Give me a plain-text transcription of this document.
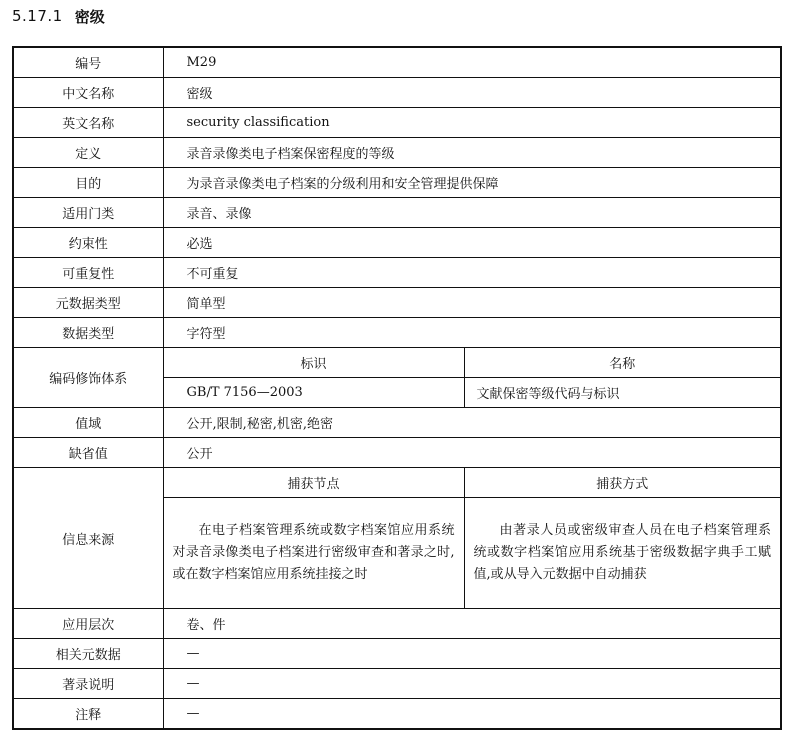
5.17.1 密级
编号	M29	
中文名称	密级	
英文名称	security classification	
定义	录音录像类电子档案保密程度的等级	
目的	为录音录像类电子档案的分级利用和安全管理提供保障	
适用门类	录音、录像	
约束性	必选	
可重复性	不可重复	
元数据类型	简单型	
数据类型	字符型	
编码修饰体系	标识	名称
	GB/T 7156—2003	文献保密等级代码与标识
值域	公开,限制,秘密,机密,绝密	
缺省值	公开	
信息来源	捕获节点	捕获方式

	在电子档案管理系统或数字档案馆应用系统对录音录像类电子档案进行密级审查和著录之时,或在数字档案馆应用系统挂接之时	由著录人员或密级审查人员在电子档案管理系统或数字档案馆应用系统基于密级数据字典手工赋值,或从导入元数据中自动捕获

应用层次	卷、件	
相关元数据	—	
著录说明	—	
注释	—	
